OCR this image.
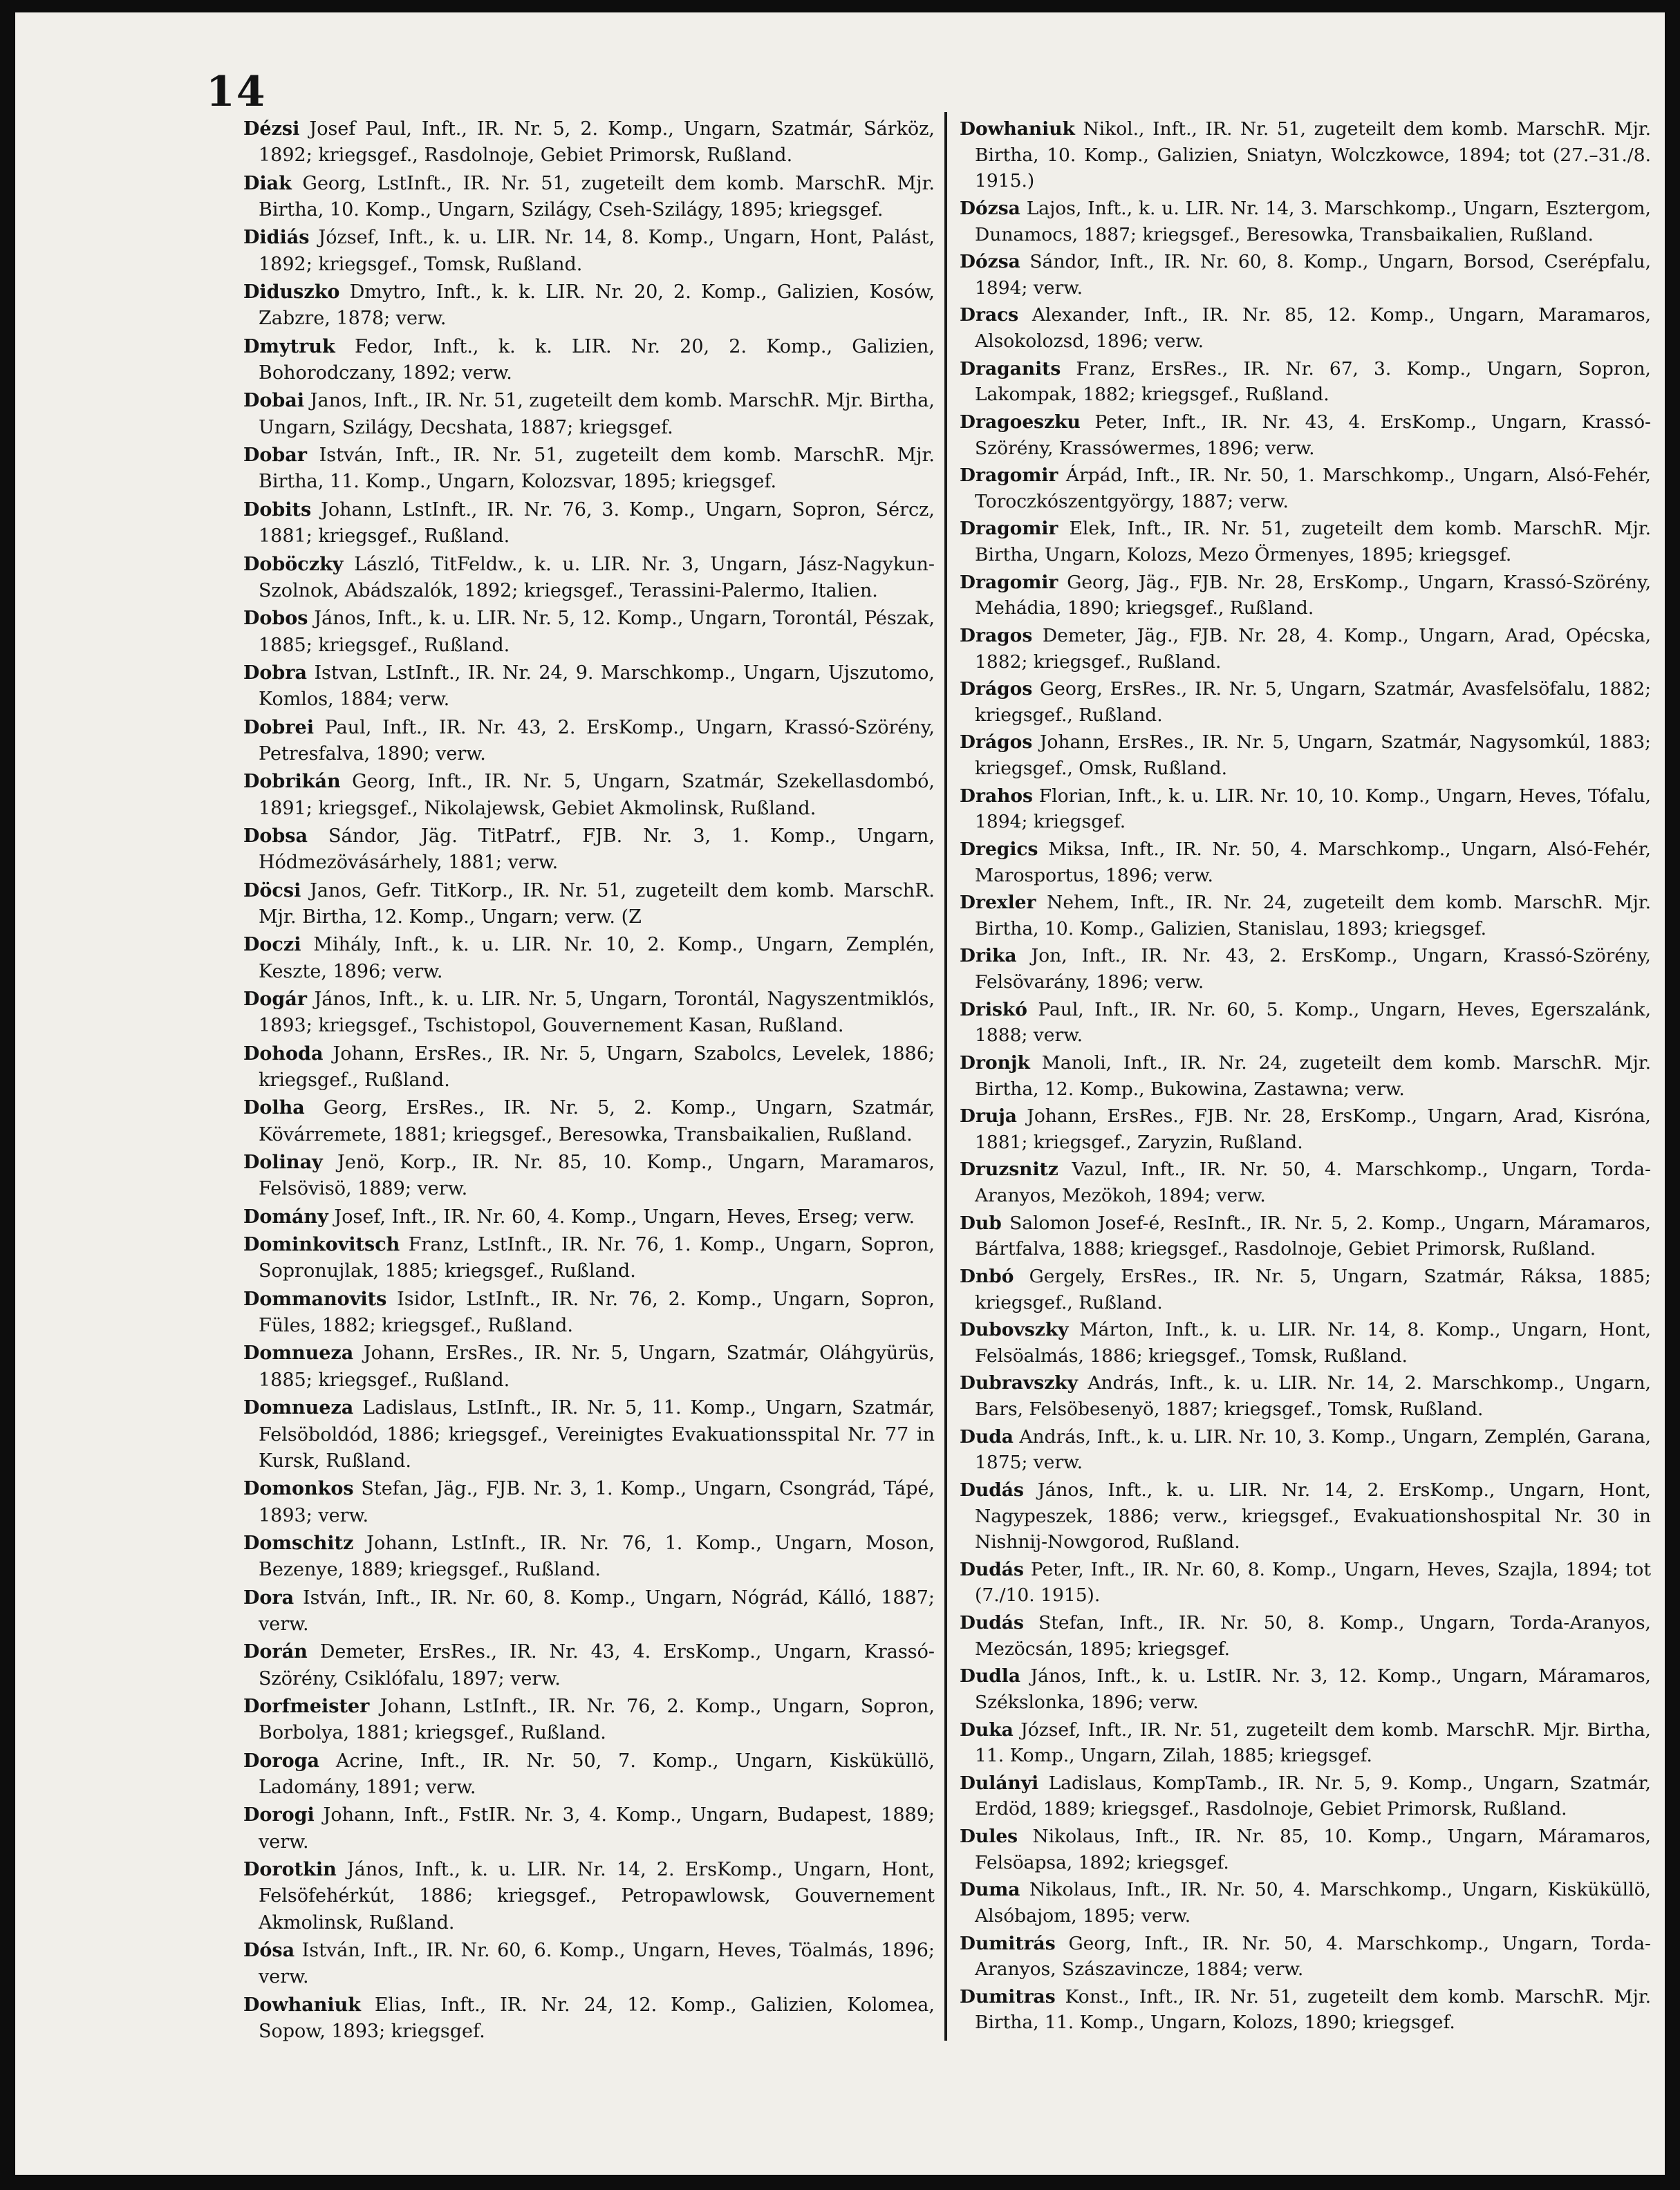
14

Dézsi Josef Paul, Inft., IR. Nr. 5, 2. Komp., Ungarn, Szatmár, Sárköz, 1892; kriegsgef., Rasdolnoje, Gebiet Primorsk, Rußland.

Diak Georg, LstInft., IR. Nr. 51, zugeteilt dem komb. MarschR. Mjr. Birtha, 10. Komp., Ungarn, Szilágy, Cseh-Szilágy, 1895; kriegsgef.

Didiás József, Inft., k. u. LIR. Nr. 14, 8. Komp., Ungarn, Hont, Palást, 1892; kriegsgef., Tomsk, Rußland.

Diduszko Dmytro, Inft., k. k. LIR. Nr. 20, 2. Komp., Galizien, Kosów, Zabzre, 1878; verw.

Dmytruk Fedor, Inft., k. k. LIR. Nr. 20, 2. Komp., Galizien, Bohorodczany, 1892; verw.

Dobai Janos, Inft., IR. Nr. 51, zugeteilt dem komb. MarschR. Mjr. Birtha, Ungarn, Szilágy, Decshata, 1887; kriegsgef.

Dobar István, Inft., IR. Nr. 51, zugeteilt dem komb. MarschR. Mjr. Birtha, 11. Komp., Ungarn, Kolozsvar, 1895; kriegsgef.

Dobits Johann, LstInft., IR. Nr. 76, 3. Komp., Ungarn, Sopron, Sércz, 1881; kriegsgef., Rußland.

Doböczky László, TitFeldw., k. u. LIR. Nr. 3, Ungarn, Jász-Nagykun-Szolnok, Abádszalók, 1892; kriegsgef., Terassini-Palermo, Italien.

Dobos János, Inft., k. u. LIR. Nr. 5, 12. Komp., Ungarn, Torontál, Pészak, 1885; kriegsgef., Rußland.

Dobra Istvan, LstInft., IR. Nr. 24, 9. Marschkomp., Ungarn, Ujszutomo, Komlos, 1884; verw.

Dobrei Paul, Inft., IR. Nr. 43, 2. ErsKomp., Ungarn, Krassó-Szörény, Petresfalva, 1890; verw.

Dobrikán Georg, Inft., IR. Nr. 5, Ungarn, Szatmár, Szekellasdombó, 1891; kriegsgef., Nikolajewsk, Gebiet Akmolinsk, Rußland.

Dobsa Sándor, Jäg. TitPatrf., FJB. Nr. 3, 1. Komp., Ungarn, Hódmezövásárhely, 1881; verw.

Döcsi Janos, Gefr. TitKorp., IR. Nr. 51, zugeteilt dem komb. MarschR. Mjr. Birtha, 12. Komp., Ungarn; verw. (Z

Doczi Mihály, Inft., k. u. LIR. Nr. 10, 2. Komp., Ungarn, Zemplén, Keszte, 1896; verw.

Dogár János, Inft., k. u. LIR. Nr. 5, Ungarn, Torontál, Nagyszentmiklós, 1893; kriegsgef., Tschistopol, Gouvernement Kasan, Rußland.

Dohoda Johann, ErsRes., IR. Nr. 5, Ungarn, Szabolcs, Levelek, 1886; kriegsgef., Rußland.

Dolha Georg, ErsRes., IR. Nr. 5, 2. Komp., Ungarn, Szatmár, Kövárremete, 1881; kriegsgef., Beresowka, Transbaikalien, Rußland.

Dolinay Jenö, Korp., IR. Nr. 85, 10. Komp., Ungarn, Maramaros, Felsövisö, 1889; verw.

Domány Josef, Inft., IR. Nr. 60, 4. Komp., Ungarn, Heves, Erseg; verw.

Dominkovitsch Franz, LstInft., IR. Nr. 76, 1. Komp., Ungarn, Sopron, Sopronujlak, 1885; kriegsgef., Rußland.

Dommanovits Isidor, LstInft., IR. Nr. 76, 2. Komp., Ungarn, Sopron, Füles, 1882; kriegsgef., Rußland.

Domnueza Johann, ErsRes., IR. Nr. 5, Ungarn, Szatmár, Oláhgyürüs, 1885; kriegsgef., Rußland.

Domnueza Ladislaus, LstInft., IR. Nr. 5, 11. Komp., Ungarn, Szatmár, Felsöboldód, 1886; kriegsgef., Vereinigtes Evakuationsspital Nr. 77 in Kursk, Rußland.

Domonkos Stefan, Jäg., FJB. Nr. 3, 1. Komp., Ungarn, Csongrád, Tápé, 1893; verw.

Domschitz Johann, LstInft., IR. Nr. 76, 1. Komp., Ungarn, Moson, Bezenye, 1889; kriegsgef., Rußland.

Dora István, Inft., IR. Nr. 60, 8. Komp., Ungarn, Nógrád, Kálló, 1887; verw.

Dorán Demeter, ErsRes., IR. Nr. 43, 4. ErsKomp., Ungarn, Krassó-Szörény, Csiklófalu, 1897; verw.

Dorfmeister Johann, LstInft., IR. Nr. 76, 2. Komp., Ungarn, Sopron, Borbolya, 1881; kriegsgef., Rußland.

Doroga Acrine, Inft., IR. Nr. 50, 7. Komp., Ungarn, Kisküküllö, Ladomány, 1891; verw.

Dorogi Johann, Inft., FstIR. Nr. 3, 4. Komp., Ungarn, Budapest, 1889; verw.

Dorotkin János, Inft., k. u. LIR. Nr. 14, 2. ErsKomp., Ungarn, Hont, Felsöfehérkút, 1886; kriegsgef., Petropawlowsk, Gouvernement Akmolinsk, Rußland.

Dósa István, Inft., IR. Nr. 60, 6. Komp., Ungarn, Heves, Töalmás, 1896; verw.

Dowhaniuk Elias, Inft., IR. Nr. 24, 12. Komp., Galizien, Kolomea, Sopow, 1893; kriegsgef.

Dowhaniuk Nikol., Inft., IR. Nr. 51, zugeteilt dem komb. MarschR. Mjr. Birtha, 10. Komp., Galizien, Sniatyn, Wolczkowce, 1894; tot (27.–31./8. 1915.)

Dózsa Lajos, Inft., k. u. LIR. Nr. 14, 3. Marschkomp., Ungarn, Esztergom, Dunamocs, 1887; kriegsgef., Beresowka, Transbaikalien, Rußland.

Dózsa Sándor, Inft., IR. Nr. 60, 8. Komp., Ungarn, Borsod, Cserépfalu, 1894; verw.

Dracs Alexander, Inft., IR. Nr. 85, 12. Komp., Ungarn, Maramaros, Alsokolozsd, 1896; verw.

Draganits Franz, ErsRes., IR. Nr. 67, 3. Komp., Ungarn, Sopron, Lakompak, 1882; kriegsgef., Rußland.

Dragoeszku Peter, Inft., IR. Nr. 43, 4. ErsKomp., Ungarn, Krassó-Szörény, Krassówermes, 1896; verw.

Dragomir Árpád, Inft., IR. Nr. 50, 1. Marschkomp., Ungarn, Alsó-Fehér, Toroczkószentgyörgy, 1887; verw.

Dragomir Elek, Inft., IR. Nr. 51, zugeteilt dem komb. MarschR. Mjr. Birtha, Ungarn, Kolozs, Mezo Örmenyes, 1895; kriegsgef.

Dragomir Georg, Jäg., FJB. Nr. 28, ErsKomp., Ungarn, Krassó-Szörény, Mehádia, 1890; kriegsgef., Rußland.

Dragos Demeter, Jäg., FJB. Nr. 28, 4. Komp., Ungarn, Arad, Opécska, 1882; kriegsgef., Rußland.

Drágos Georg, ErsRes., IR. Nr. 5, Ungarn, Szatmár, Avasfelsöfalu, 1882; kriegsgef., Rußland.

Drágos Johann, ErsRes., IR. Nr. 5, Ungarn, Szatmár, Nagysomkúl, 1883; kriegsgef., Omsk, Rußland.

Drahos Florian, Inft., k. u. LIR. Nr. 10, 10. Komp., Ungarn, Heves, Tófalu, 1894; kriegsgef.

Dregics Miksa, Inft., IR. Nr. 50, 4. Marschkomp., Ungarn, Alsó-Fehér, Marosportus, 1896; verw.

Drexler Nehem, Inft., IR. Nr. 24, zugeteilt dem komb. MarschR. Mjr. Birtha, 10. Komp., Galizien, Stanislau, 1893; kriegsgef.

Drika Jon, Inft., IR. Nr. 43, 2. ErsKomp., Ungarn, Krassó-Szörény, Felsövarány, 1896; verw.

Driskó Paul, Inft., IR. Nr. 60, 5. Komp., Ungarn, Heves, Egerszalánk, 1888; verw.

Dronjk Manoli, Inft., IR. Nr. 24, zugeteilt dem komb. MarschR. Mjr. Birtha, 12. Komp., Bukowina, Zastawna; verw.

Druja Johann, ErsRes., FJB. Nr. 28, ErsKomp., Ungarn, Arad, Kisróna, 1881; kriegsgef., Zaryzin, Rußland.

Druzsnitz Vazul, Inft., IR. Nr. 50, 4. Marschkomp., Ungarn, Torda-Aranyos, Mezökoh, 1894; verw.

Dub Salomon Josef-é, ResInft., IR. Nr. 5, 2. Komp., Ungarn, Máramaros, Bártfalva, 1888; kriegsgef., Rasdolnoje, Gebiet Primorsk, Rußland.

Dnbó Gergely, ErsRes., IR. Nr. 5, Ungarn, Szatmár, Ráksa, 1885; kriegsgef., Rußland.

Dubovszky Márton, Inft., k. u. LIR. Nr. 14, 8. Komp., Ungarn, Hont, Felsöalmás, 1886; kriegsgef., Tomsk, Rußland.

Dubravszky András, Inft., k. u. LIR. Nr. 14, 2. Marschkomp., Ungarn, Bars, Felsöbesenyö, 1887; kriegsgef., Tomsk, Rußland.

Duda András, Inft., k. u. LIR. Nr. 10, 3. Komp., Ungarn, Zemplén, Garana, 1875; verw.

Dudás János, Inft., k. u. LIR. Nr. 14, 2. ErsKomp., Ungarn, Hont, Nagypeszek, 1886; verw., kriegsgef., Evakuationshospital Nr. 30 in Nishnij-Nowgorod, Rußland.

Dudás Peter, Inft., IR. Nr. 60, 8. Komp., Ungarn, Heves, Szajla, 1894; tot (7./10. 1915).

Dudás Stefan, Inft., IR. Nr. 50, 8. Komp., Ungarn, Torda-Aranyos, Mezöcsán, 1895; kriegsgef.

Dudla János, Inft., k. u. LstIR. Nr. 3, 12. Komp., Ungarn, Máramaros, Székslonka, 1896; verw.

Duka József, Inft., IR. Nr. 51, zugeteilt dem komb. MarschR. Mjr. Birtha, 11. Komp., Ungarn, Zilah, 1885; kriegsgef.

Dulányi Ladislaus, KompTamb., IR. Nr. 5, 9. Komp., Ungarn, Szatmár, Erdöd, 1889; kriegsgef., Rasdolnoje, Gebiet Primorsk, Rußland.

Dules Nikolaus, Inft., IR. Nr. 85, 10. Komp., Ungarn, Máramaros, Felsöapsa, 1892; kriegsgef.

Duma Nikolaus, Inft., IR. Nr. 50, 4. Marschkomp., Ungarn, Kisküküllö, Alsóbajom, 1895; verw.

Dumitrás Georg, Inft., IR. Nr. 50, 4. Marschkomp., Ungarn, Torda-Aranyos, Szászavincze, 1884; verw.

Dumitras Konst., Inft., IR. Nr. 51, zugeteilt dem komb. MarschR. Mjr. Birtha, 11. Komp., Ungarn, Kolozs, 1890; kriegsgef.
